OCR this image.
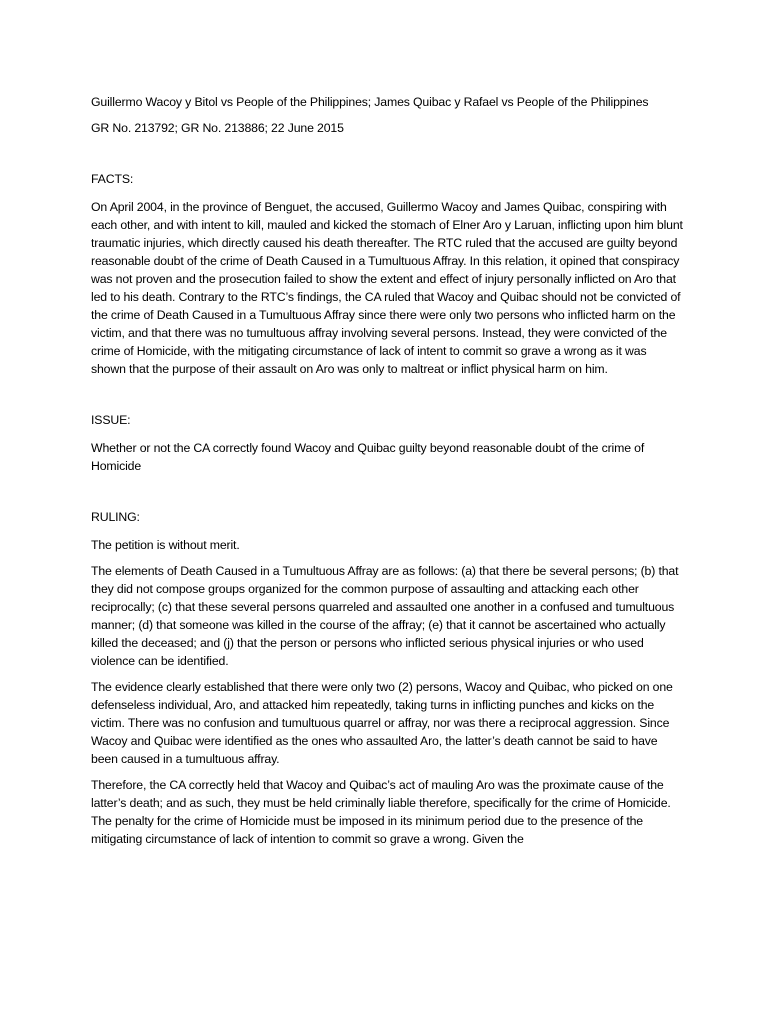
Guillermo Wacoy y Bitol vs People of the Philippines; James Quibac y Rafael vs People of the Philippines

GR No. 213792; GR No. 213886; 22 June 2015

FACTS:

On April 2004, in the province of Benguet, the accused, Guillermo Wacoy and James Quibac, conspiring with each other, and with intent to kill, mauled and kicked the stomach of Elner Aro y Laruan, inflicting upon him blunt traumatic injuries, which directly caused his death thereafter. The RTC ruled that the accused are guilty beyond reasonable doubt of the crime of Death Caused in a Tumultuous Affray. In this relation, it opined that conspiracy was not proven and the prosecution failed to show the extent and effect of injury personally inflicted on Aro that led to his death. Contrary to the RTC’s findings, the CA ruled that Wacoy and Quibac should not be convicted of the crime of Death Caused in a Tumultuous Affray since there were only two persons who inflicted harm on the victim, and that there was no tumultuous affray involving several persons. Instead, they were convicted of the crime of Homicide, with the mitigating circumstance of lack of intent to commit so grave a wrong as it was shown that the purpose of their assault on Aro was only to maltreat or inflict physical harm on him.

ISSUE:

Whether or not the CA correctly found Wacoy and Quibac guilty beyond reasonable doubt of the crime of Homicide

RULING:

The petition is without merit.

The elements of Death Caused in a Tumultuous Affray are as follows: (a) that there be several persons; (b) that they did not compose groups organized for the common purpose of assaulting and attacking each other reciprocally; (c) that these several persons quarreled and assaulted one another in a confused and tumultuous manner; (d) that someone was killed in the course of the affray; (e) that it cannot be ascertained who actually killed the deceased; and (j) that the person or persons who inflicted serious physical injuries or who used violence can be identified.

The evidence clearly established that there were only two (2) persons, Wacoy and Quibac, who picked on one defenseless individual, Aro, and attacked him repeatedly, taking turns in inflicting punches and kicks on the victim. There was no confusion and tumultuous quarrel or affray, nor was there a reciprocal aggression. Since Wacoy and Quibac were identified as the ones who assaulted Aro, the latter’s death cannot be said to have been caused in a tumultuous affray.

Therefore, the CA correctly held that Wacoy and Quibac’s act of mauling Aro was the proximate cause of the latter’s death; and as such, they must be held criminally liable therefore, specifically for the crime of Homicide. The penalty for the crime of Homicide must be imposed in its minimum period due to the presence of the mitigating circumstance of lack of intention to commit so grave a wrong. Given the
